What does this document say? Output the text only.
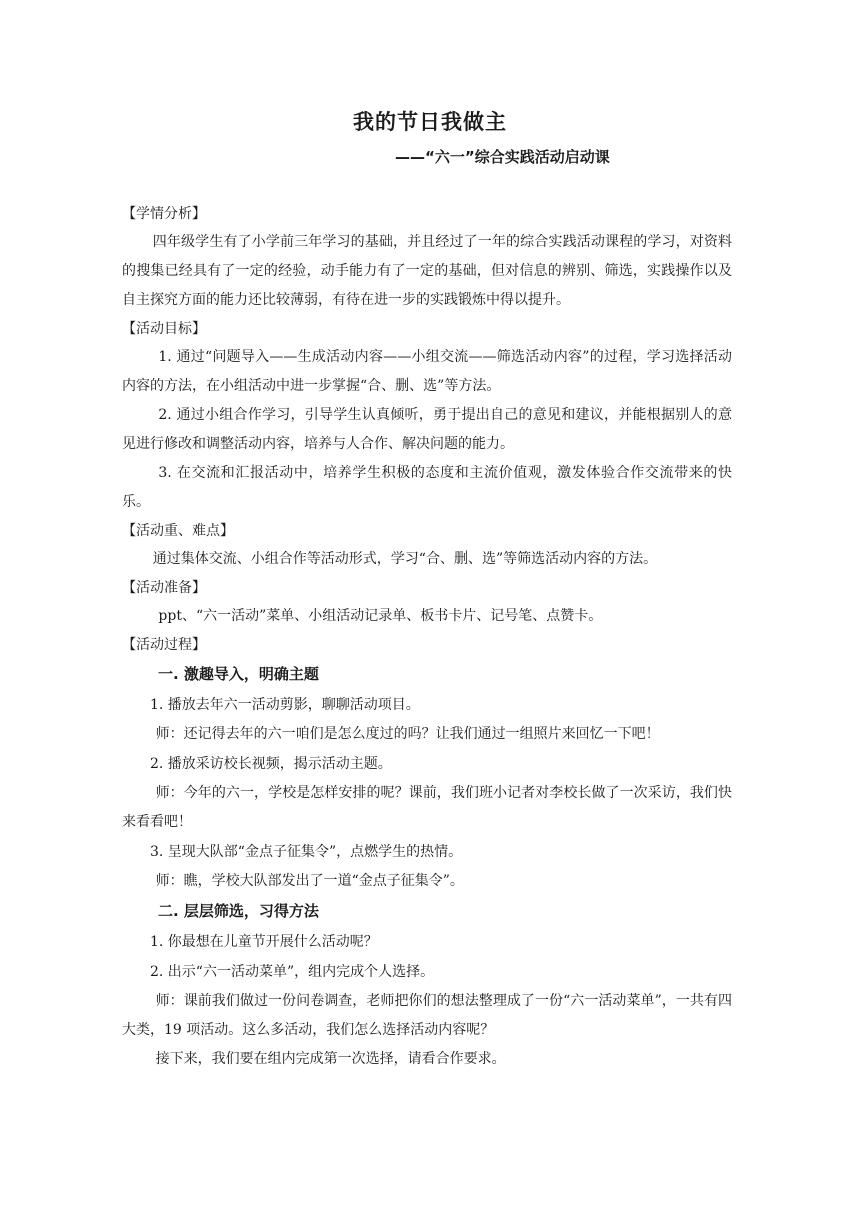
我的节日我做主
——“六一”综合实践活动启动课

【学情分析】

四年级学生有了小学前三年学习的基础，并且经过了一年的综合实践活动课程的学习，对资料的搜集已经具有了一定的经验，动手能力有了一定的基础，但对信息的辨别、筛选，实践操作以及自主探究方面的能力还比较薄弱，有待在进一步的实践锻炼中得以提升。

【活动目标】

1. 通过“问题导入——生成活动内容——小组交流——筛选活动内容”的过程，学习选择活动内容的方法，在小组活动中进一步掌握“合、删、选”等方法。

2. 通过小组合作学习，引导学生认真倾听，勇于提出自己的意见和建议，并能根据别人的意见进行修改和调整活动内容，培养与人合作、解决问题的能力。

3. 在交流和汇报活动中，培养学生积极的态度和主流价值观，激发体验合作交流带来的快乐。

【活动重、难点】

通过集体交流、小组合作等活动形式，学习“合、删、选”等筛选活动内容的方法。

【活动准备】

ppt、“六一活动”菜单、小组活动记录单、板书卡片、记号笔、点赞卡。

【活动过程】

一. 激趣导入，明确主题

1. 播放去年六一活动剪影，聊聊活动项目。

师：还记得去年的六一咱们是怎么度过的吗？让我们通过一组照片来回忆一下吧！

2. 播放采访校长视频，揭示活动主题。

师：今年的六一，学校是怎样安排的呢？课前，我们班小记者对李校长做了一次采访，我们快来看看吧！

3. 呈现大队部“金点子征集令”，点燃学生的热情。

师：瞧，学校大队部发出了一道“金点子征集令”。

二. 层层筛选，习得方法

1. 你最想在儿童节开展什么活动呢？

2. 出示“六一活动菜单”，组内完成个人选择。

师：课前我们做过一份问卷调查，老师把你们的想法整理成了一份“六一活动菜单”，一共有四大类，19 项活动。这么多活动，我们怎么选择活动内容呢？

接下来，我们要在组内完成第一次选择，请看合作要求。
